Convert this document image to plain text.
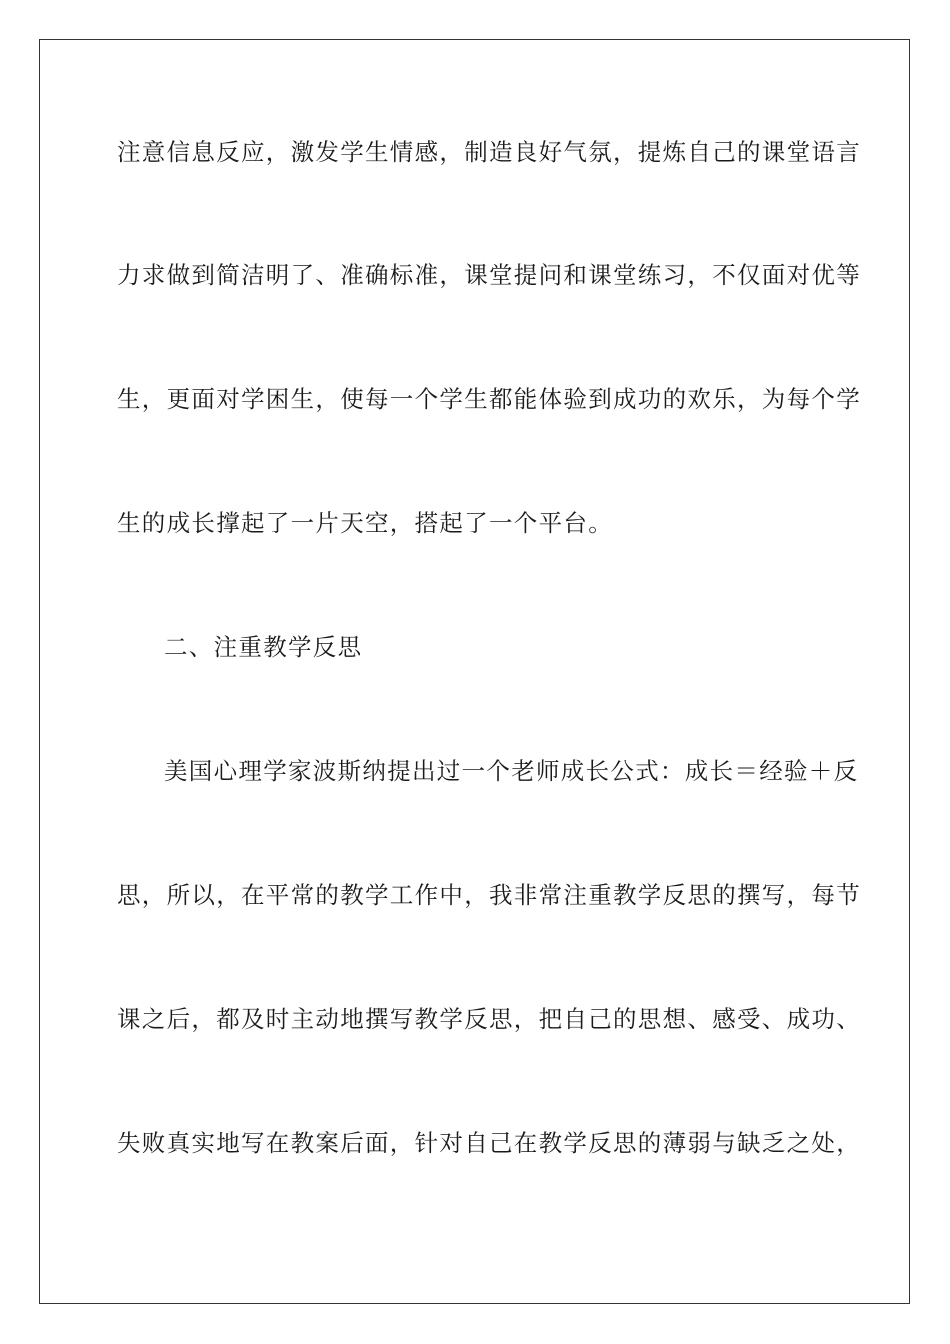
注意信息反应，激发学生情感，制造良好气氛，提炼自己的课堂语言
力求做到简洁明了、准确标准，课堂提问和课堂练习，不仅面对优等
生，更面对学困生，使每一个学生都能体验到成功的欢乐，为每个学
生的成长撑起了一片天空，搭起了一个平台。
二、注重教学反思
美国心理学家波斯纳提出过一个老师成长公式：成长＝经验＋反
思，所以，在平常的教学工作中，我非常注重教学反思的撰写，每节
课之后，都及时主动地撰写教学反思，把自己的思想、感受、成功、
失败真实地写在教案后面，针对自己在教学反思的薄弱与缺乏之处，
